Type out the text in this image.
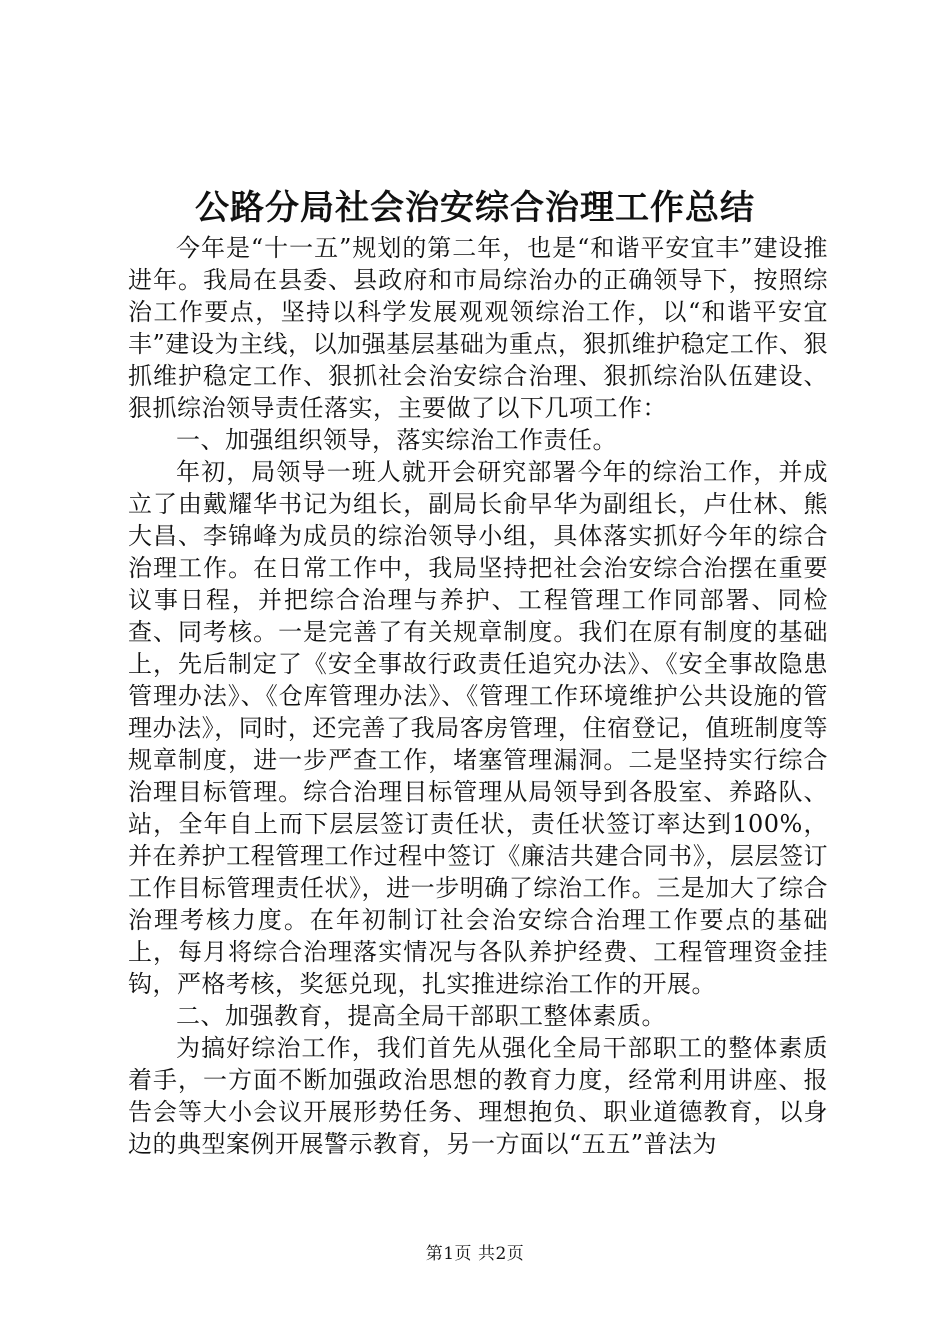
公路分局社会治安综合治理工作总结

今年是“十一五”规划的第二年，也是“和谐平安宜丰”建设推进年。我局在县委、县政府和市局综治办的正确领导下，按照综治工作要点，坚持以科学发展观观领综治工作，以“和谐平安宜丰”建设为主线，以加强基层基础为重点，狠抓维护稳定工作、狠抓维护稳定工作、狠抓社会治安综合治理、狠抓综治队伍建设、狠抓综治领导责任落实，主要做了以下几项工作：

一、加强组织领导，落实综治工作责任。

年初，局领导一班人就开会研究部署今年的综治工作，并成立了由戴耀华书记为组长，副局长俞早华为副组长，卢仕林、熊大昌、李锦峰为成员的综治领导小组，具体落实抓好今年的综合治理工作。在日常工作中，我局坚持把社会治安综合治摆在重要议事日程，并把综合治理与养护、工程管理工作同部署、同检查、同考核。一是完善了有关规章制度。我们在原有制度的基础上，先后制定了《安全事故行政责任追究办法》、《安全事故隐患管理办法》、《仓库管理办法》、《管理工作环境维护公共设施的管理办法》，同时，还完善了我局客房管理，住宿登记，值班制度等规章制度，进一步严查工作，堵塞管理漏洞。二是坚持实行综合治理目标管理。综合治理目标管理从局领导到各股室、养路队、站，全年自上而下层层签订责任状，责任状签订率达到100%，并在养护工程管理工作过程中签订《廉洁共建合同书》，层层签订工作目标管理责任状》，进一步明确了综治工作。三是加大了综合治理考核力度。在年初制订社会治安综合治理工作要点的基础上，每月将综合治理落实情况与各队养护经费、工程管理资金挂钩，严格考核，奖惩兑现，扎实推进综治工作的开展。

二、加强教育，提高全局干部职工整体素质。

为搞好综治工作，我们首先从强化全局干部职工的整体素质着手，一方面不断加强政治思想的教育力度，经常利用讲座、报告会等大小会议开展形势任务、理想抱负、职业道德教育，以身边的典型案例开展警示教育，另一方面以“五五”普法为

第1页 共2页
